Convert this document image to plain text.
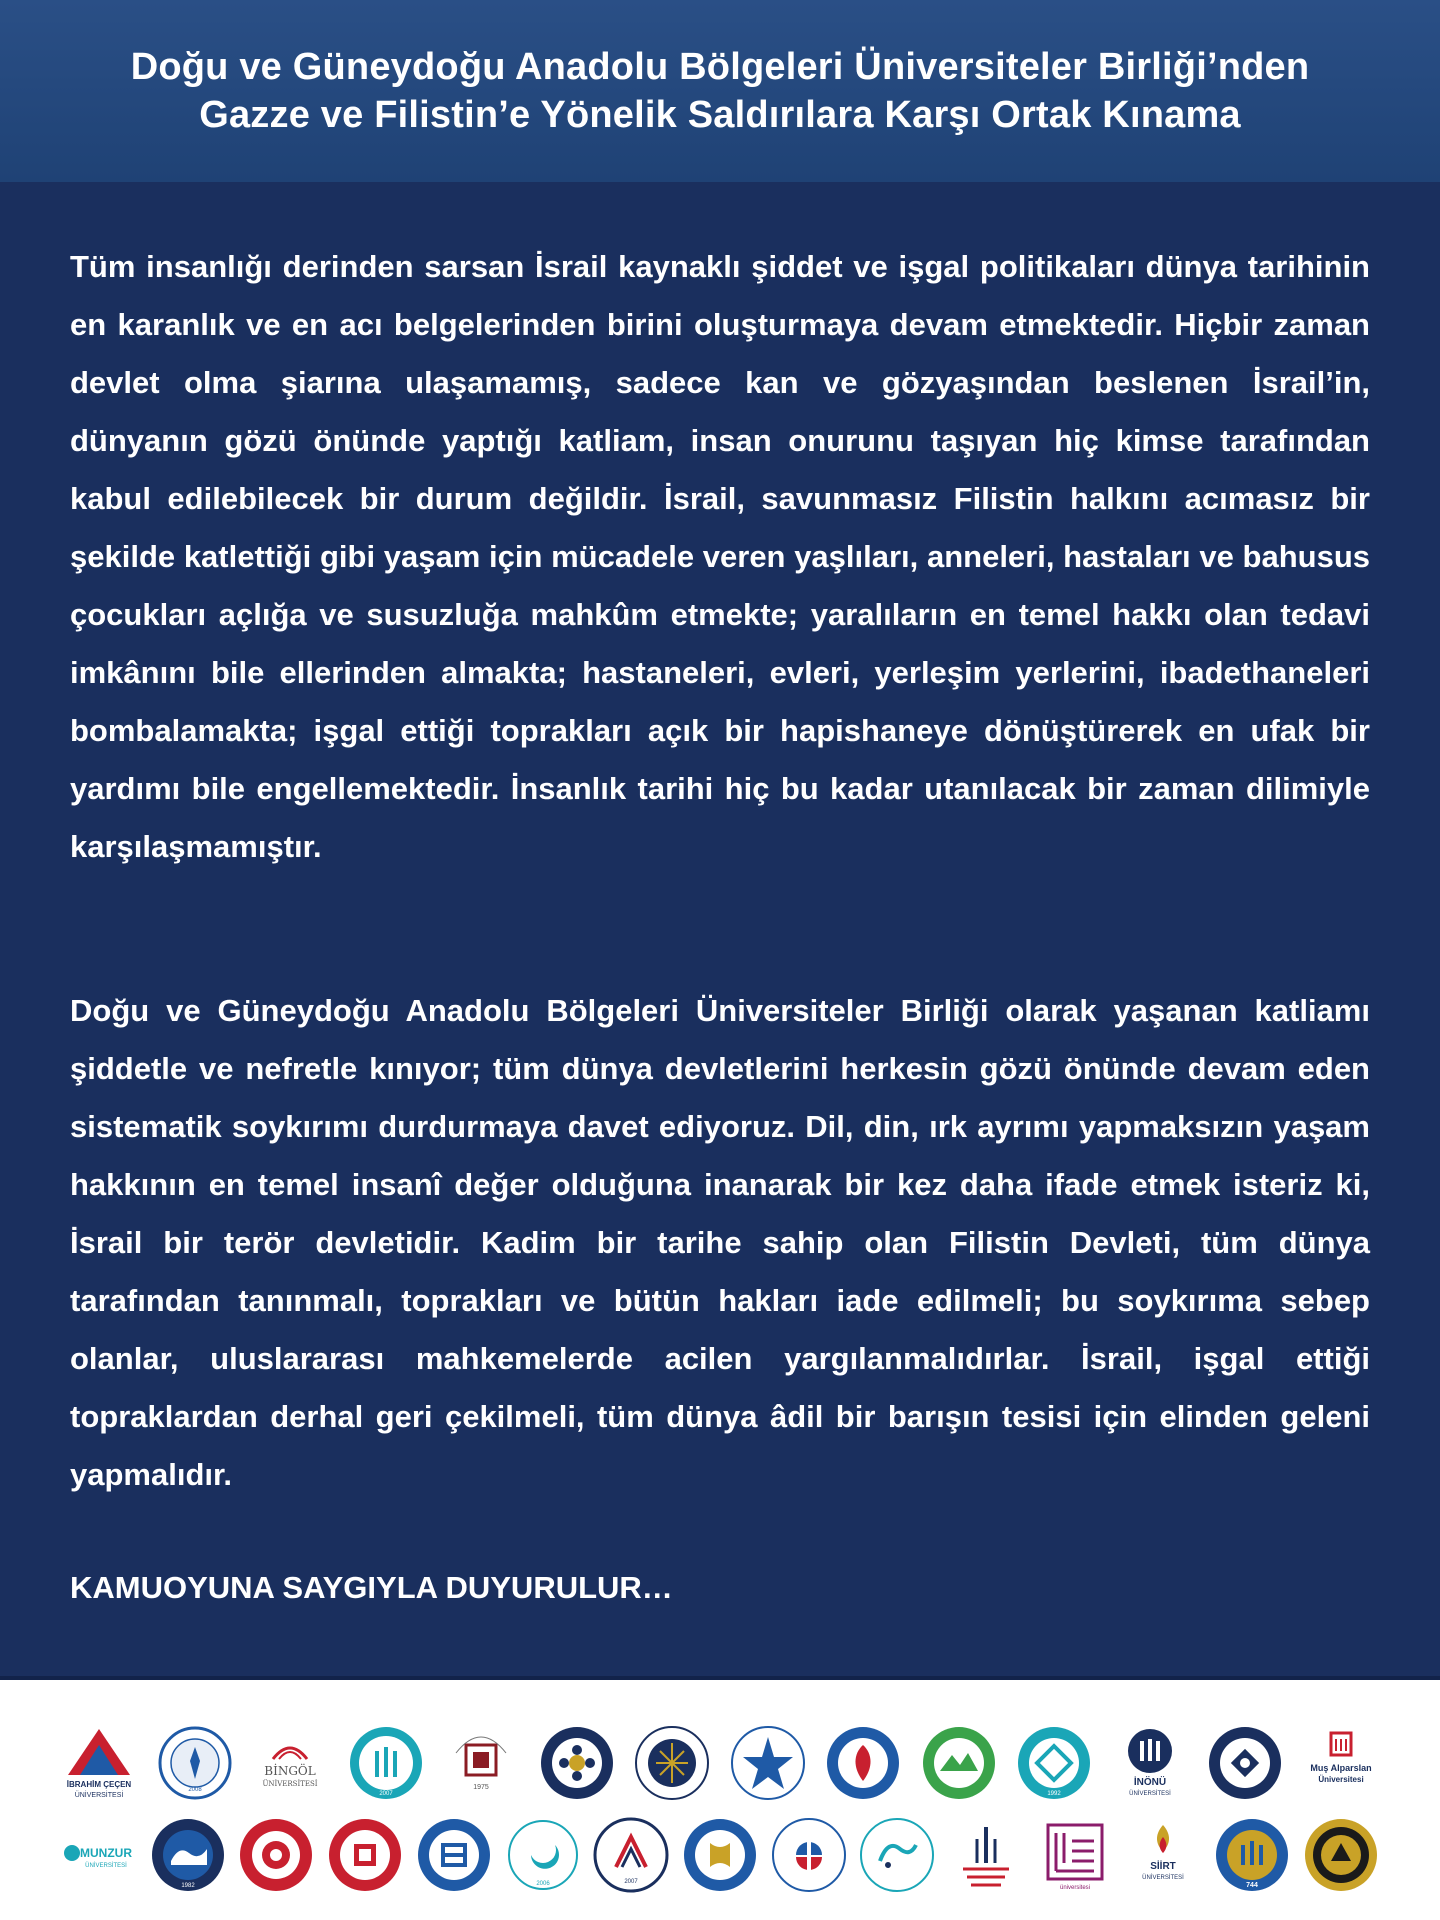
Doğu ve Güneydoğu Anadolu Bölgeleri Üniversiteler Birliği’nden
Gazze ve Filistin’e Yönelik Saldırılara Karşı Ortak Kınama
Tüm insanlığı derinden sarsan İsrail kaynaklı şiddet ve işgal politikaları dünya tarihinin en karanlık ve en acı belgelerinden birini oluşturmaya devam etmektedir. Hiçbir zaman devlet olma şiarına ulaşamamış, sadece kan ve gözyaşından beslenen İsrail’in, dünyanın gözü önünde yaptığı katliam, insan onurunu taşıyan hiç kimse tarafından kabul edilebilecek bir durum değildir. İsrail, savunmasız Filistin halkını acımasız bir şekilde katlettiği gibi yaşam için mücadele veren yaşlıları, anneleri, hastaları ve bahusus çocukları açlığa ve susuzluğa mahkûm etmekte; yaralıların en temel hakkı olan tedavi imkânını bile ellerinden almakta; hastaneleri, evleri, yerleşim yerlerini, ibadethaneleri bombalamakta; işgal ettiği toprakları açık bir hapishaneye dönüştürerek en ufak bir yardımı bile engellemektedir. İnsanlık tarihi hiç bu kadar utanılacak bir zaman dilimiyle karşılaşmamıştır.
Doğu ve Güneydoğu Anadolu Bölgeleri Üniversiteler Birliği olarak yaşanan katliamı şiddetle ve nefretle kınıyor; tüm dünya devletlerini herkesin gözü önünde devam eden sistematik soykırımı durdurmaya davet ediyoruz. Dil, din, ırk ayrımı yapmaksızın yaşam hakkının en temel insanî değer olduğuna inanarak bir kez daha ifade etmek isteriz ki, İsrail bir terör devletidir. Kadim bir tarihe sahip olan Filistin Devleti, tüm dünya tarafından tanınmalı, toprakları ve bütün hakları iade edilmeli; bu soykırıma sebep olanlar, uluslararası mahkemelerde acilen yargılanmalıdırlar. İsrail, işgal ettiği topraklardan derhal geri çekilmeli, tüm dünya âdil bir barışın tesisi için elinden geleni yapmalıdır.
KAMUOYUNA SAYGIYLA DUYURULUR…
İBRAHİM ÇEÇEN
ÜNİVERSİTESİ
2008
BİNGÖL
ÜNİVERSİTESİ
2007
1975
1992
İNÖNÜ
ÜNİVERSİTESİ
Muş Alparslan
Üniversitesi
MUNZUR
ÜNİVERSİTESİ
1982	2006	2007
üniversitesi
SİİRT
ÜNİVERSİTESİ
744
